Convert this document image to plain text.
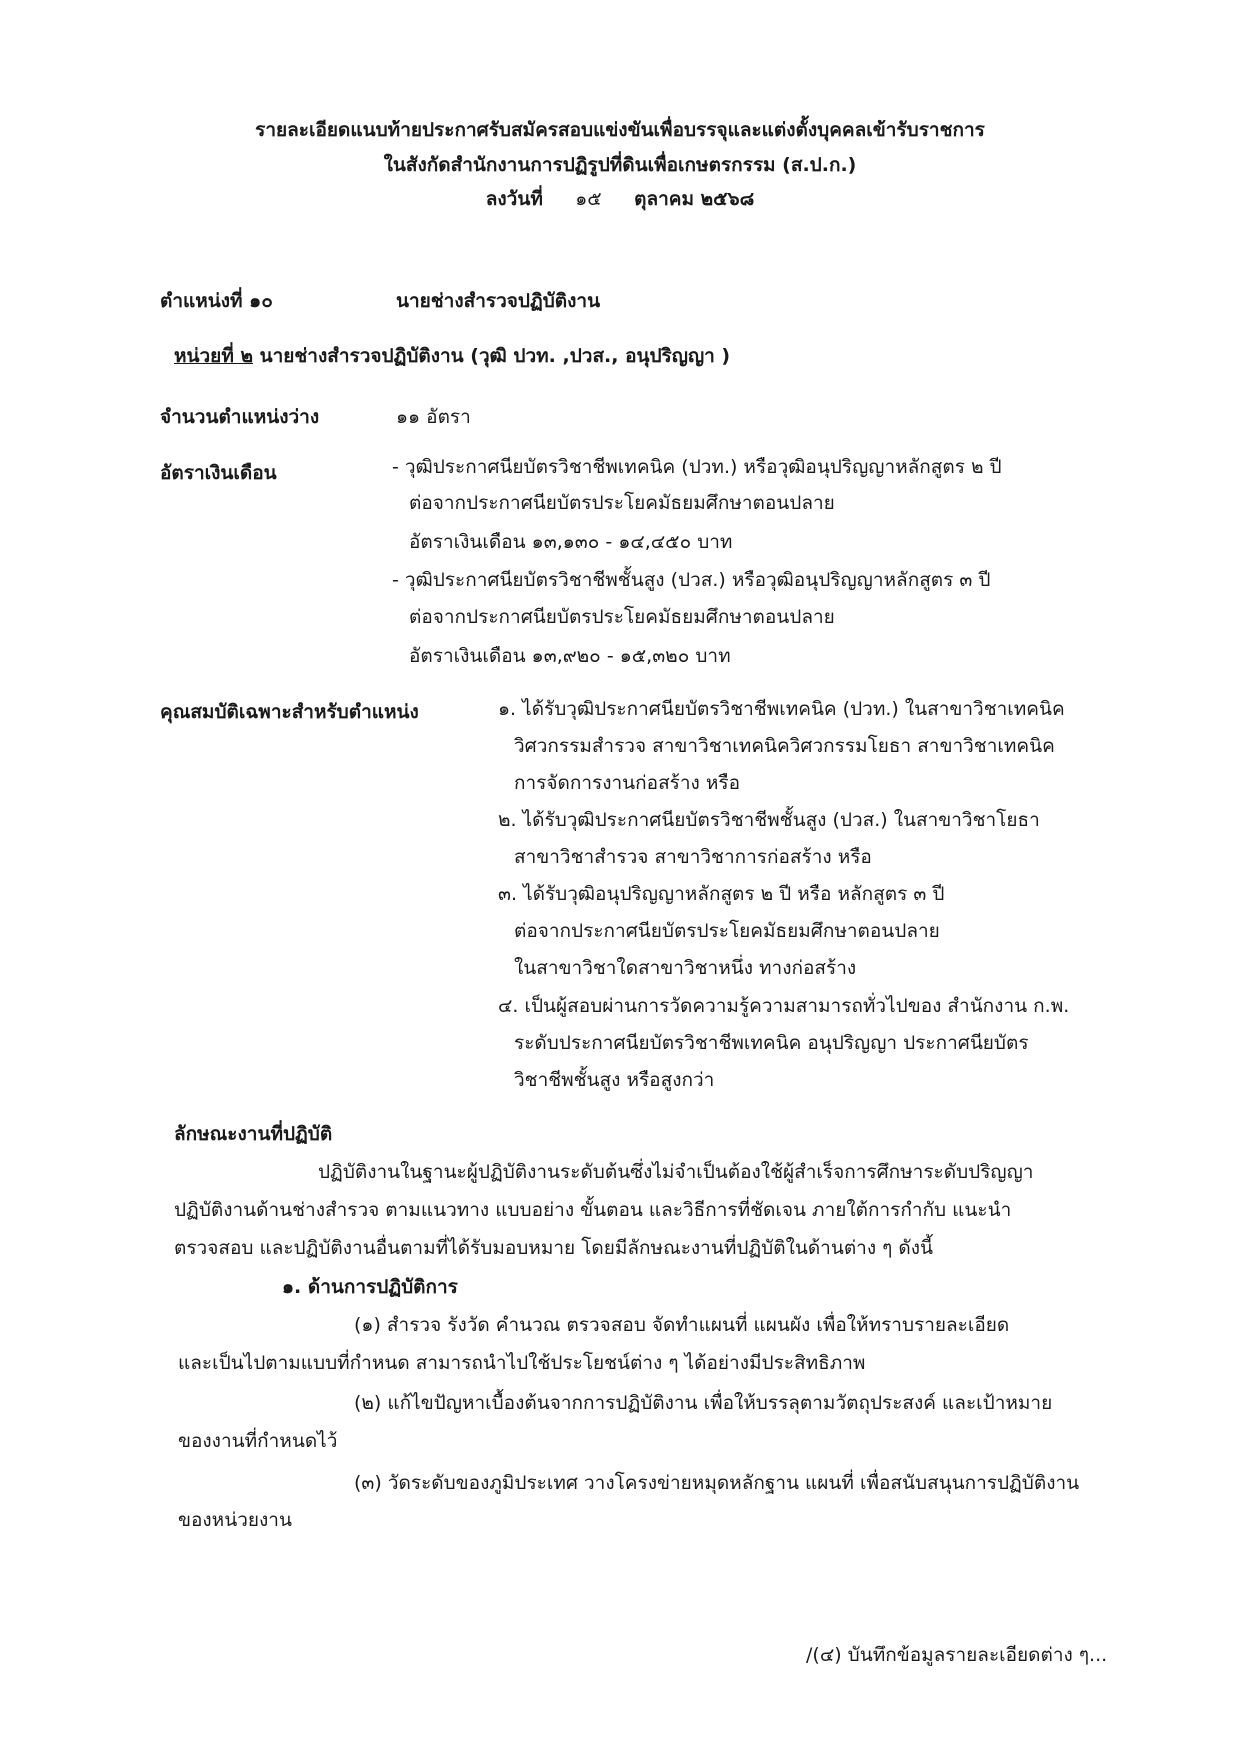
รายละเอียดแนบท้ายประกาศรับสมัครสอบแข่งขันเพื่อบรรจุและแต่งตั้งบุคคลเข้ารับราชการ
ในสังกัดสำนักงานการปฏิรูปที่ดินเพื่อเกษตรกรรม (ส.ป.ก.)
ลงวันที่ ๑๕ ตุลาคม ๒๕๖๘
ตำแหน่งที่ ๑๐	นายช่างสำรวจปฏิบัติงาน
หน่วยที่ ๒ นายช่างสำรวจปฏิบัติงาน (วุฒิ ปวท. ,ปวส., อนุปริญญา )
จำนวนตำแหน่งว่าง	๑๑ อัตรา
อัตราเงินเดือน	- วุฒิประกาศนียบัตรวิชาชีพเทคนิค (ปวท.) หรือวุฒิอนุปริญญาหลักสูตร ๒ ปี
ต่อจากประกาศนียบัตรประโยคมัธยมศึกษาตอนปลาย
อัตราเงินเดือน ๑๓,๑๓๐ - ๑๔,๔๕๐ บาท
- วุฒิประกาศนียบัตรวิชาชีพชั้นสูง (ปวส.) หรือวุฒิอนุปริญญาหลักสูตร ๓ ปี
ต่อจากประกาศนียบัตรประโยคมัธยมศึกษาตอนปลาย
อัตราเงินเดือน ๑๓,๙๒๐ - ๑๕,๓๒๐ บาท
คุณสมบัติเฉพาะสำหรับตำแหน่ง	๑. ได้รับวุฒิประกาศนียบัตรวิชาชีพเทคนิค (ปวท.) ในสาขาวิชาเทคนิค
วิศวกรรมสำรวจ สาขาวิชาเทคนิควิศวกรรมโยธา สาขาวิชาเทคนิค
การจัดการงานก่อสร้าง หรือ
๒. ได้รับวุฒิประกาศนียบัตรวิชาชีพชั้นสูง (ปวส.) ในสาขาวิชาโยธา
สาขาวิชาสำรวจ สาขาวิชาการก่อสร้าง หรือ
๓. ได้รับวุฒิอนุปริญญาหลักสูตร ๒ ปี หรือ หลักสูตร ๓ ปี
ต่อจากประกาศนียบัตรประโยคมัธยมศึกษาตอนปลาย
ในสาขาวิชาใดสาขาวิชาหนึ่ง ทางก่อสร้าง
๔. เป็นผู้สอบผ่านการวัดความรู้ความสามารถทั่วไปของ สำนักงาน ก.พ.
ระดับประกาศนียบัตรวิชาชีพเทคนิค อนุปริญญา ประกาศนียบัตร
วิชาชีพชั้นสูง หรือสูงกว่า
ลักษณะงานที่ปฏิบัติ
ปฏิบัติงานในฐานะผู้ปฏิบัติงานระดับต้นซึ่งไม่จำเป็นต้องใช้ผู้สำเร็จการศึกษาระดับปริญญา
ปฏิบัติงานด้านช่างสำรวจ ตามแนวทาง แบบอย่าง ขั้นตอน และวิธีการที่ชัดเจน ภายใต้การกำกับ แนะนำ
ตรวจสอบ และปฏิบัติงานอื่นตามที่ได้รับมอบหมาย โดยมีลักษณะงานที่ปฏิบัติในด้านต่าง ๆ ดังนี้
๑. ด้านการปฏิบัติการ
(๑) สำรวจ รังวัด คำนวณ ตรวจสอบ จัดทำแผนที่ แผนผัง เพื่อให้ทราบรายละเอียด
และเป็นไปตามแบบที่กำหนด สามารถนำไปใช้ประโยชน์ต่าง ๆ ได้อย่างมีประสิทธิภาพ
(๒) แก้ไขปัญหาเบื้องต้นจากการปฏิบัติงาน เพื่อให้บรรลุตามวัตถุประสงค์ และเป้าหมาย
ของงานที่กำหนดไว้
(๓) วัดระดับของภูมิประเทศ วางโครงข่ายหมุดหลักฐาน แผนที่ เพื่อสนับสนุนการปฏิบัติงาน
ของหน่วยงาน
/(๔) บันทึกข้อมูลรายละเอียดต่าง ๆ...
